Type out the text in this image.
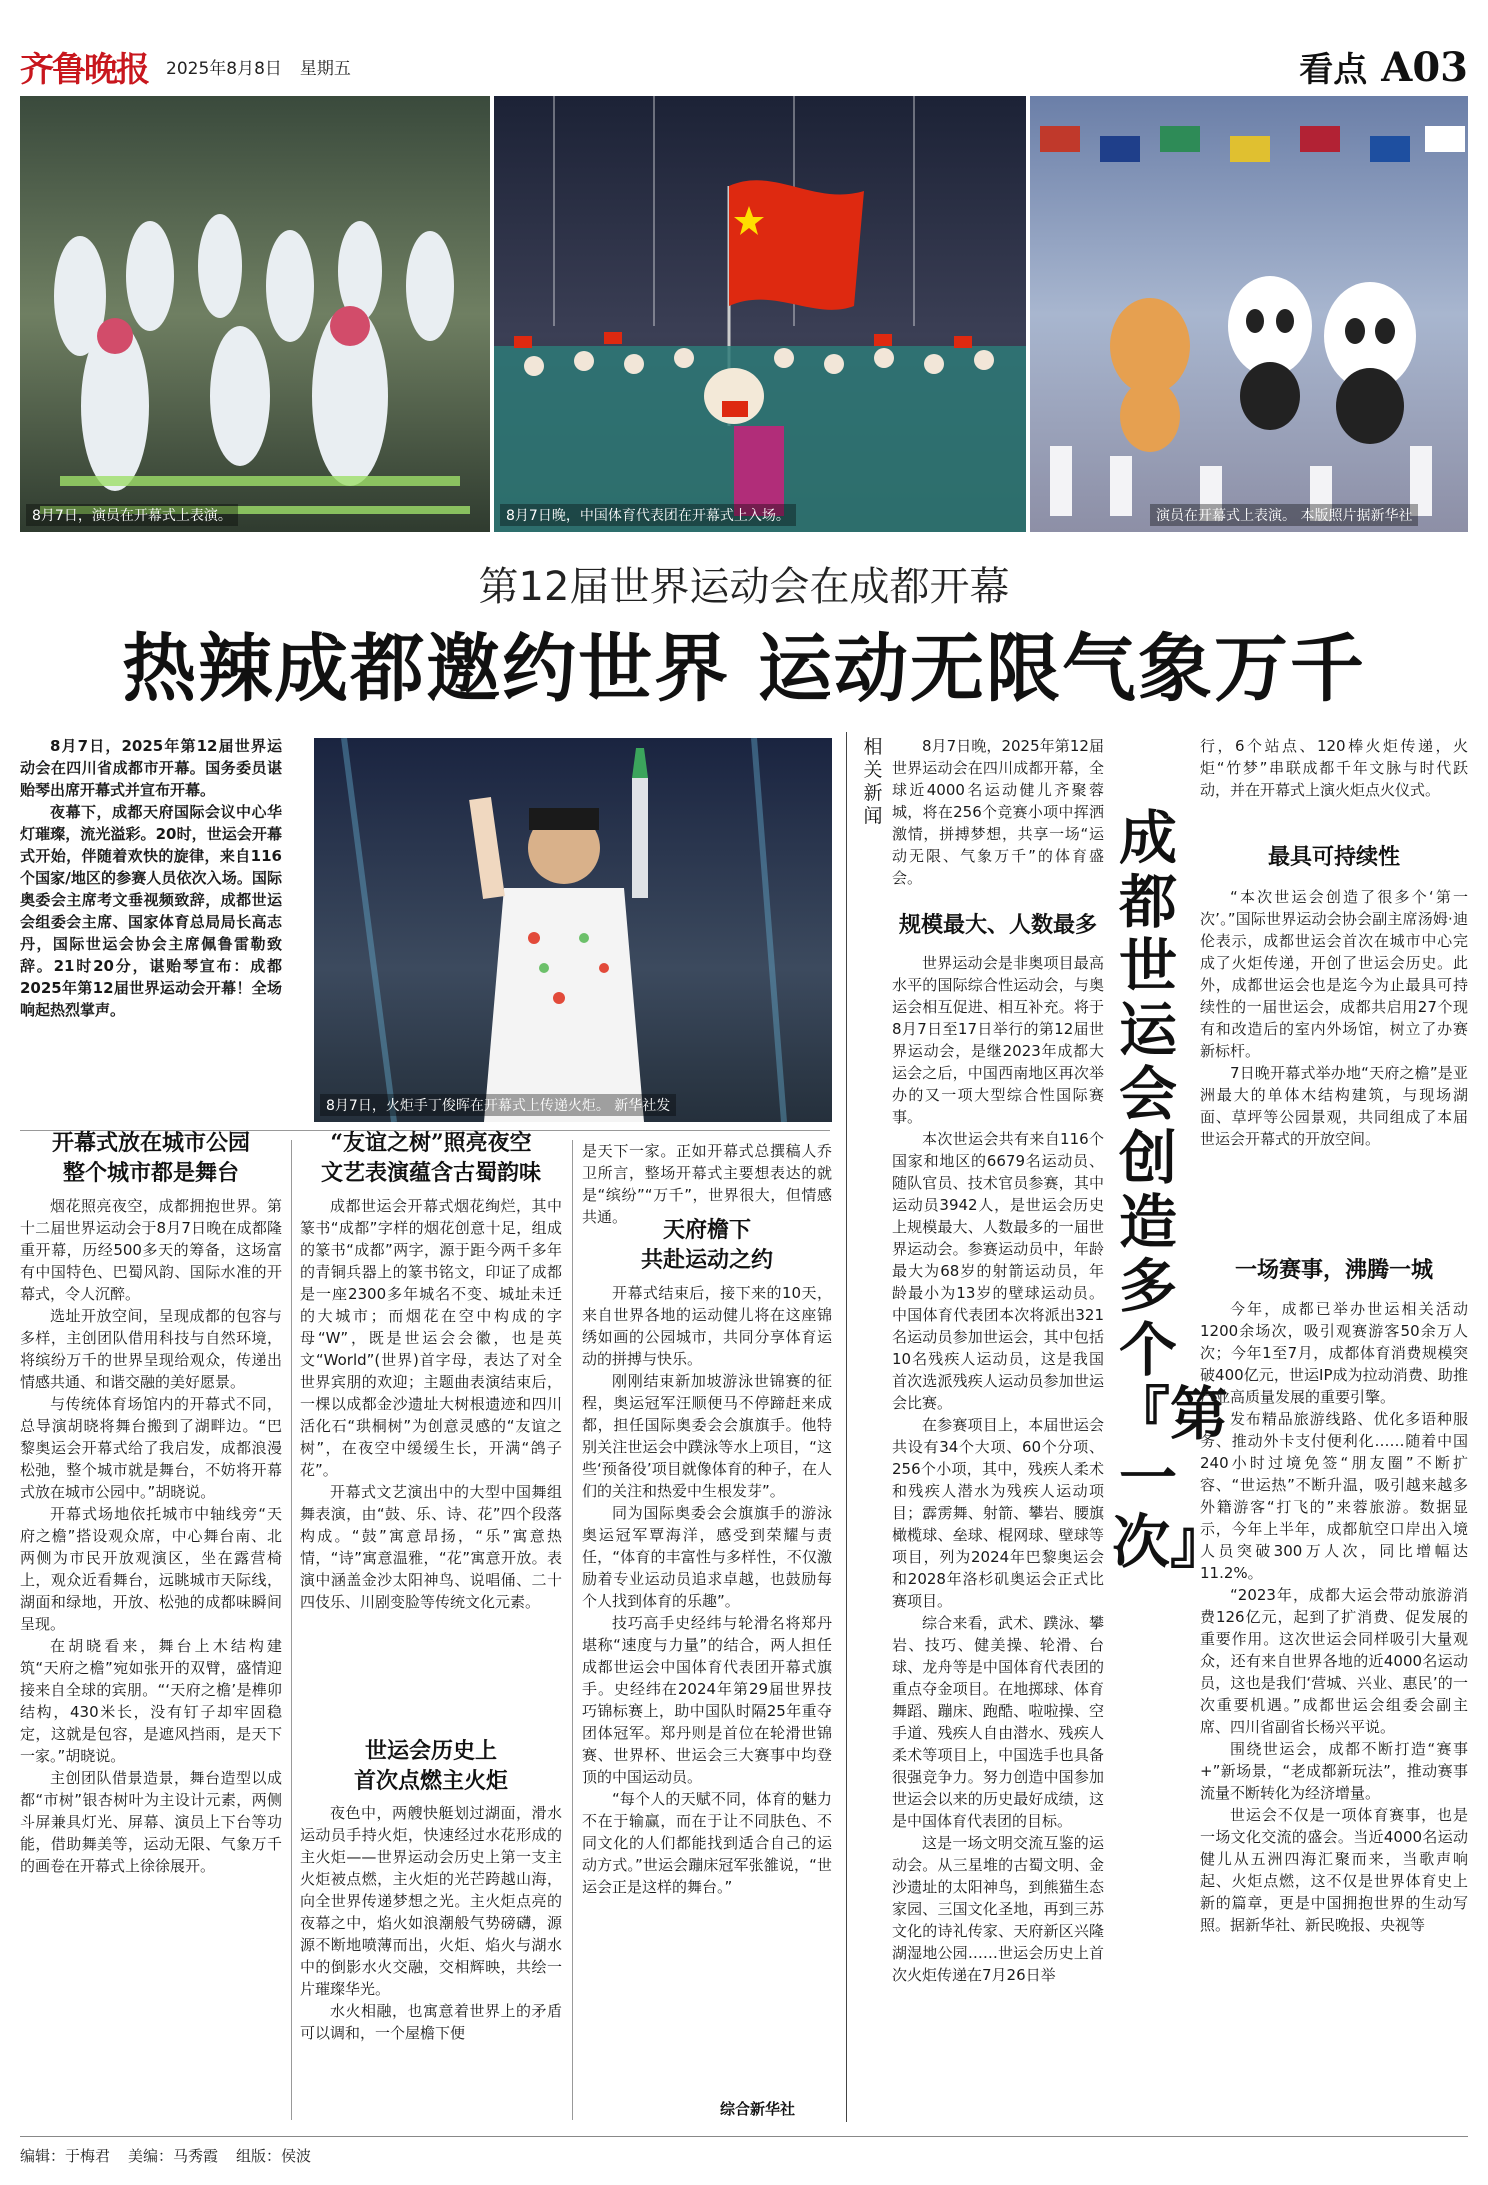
齐鲁晚报 2025年8月8日 星期五	看点 A03
8月7日，演员在开幕式上表演。	8月7日晚，中国体育代表团在开幕式上入场。	演员在开幕式上表演。 本版照片据新华社
第12届世界运动会在成都开幕
热辣成都邀约世界 运动无限气象万千

8月7日，2025年第12届世界运动会在四川省成都市开幕。国务委员谌贻琴出席开幕式并宣布开幕。

夜幕下，成都天府国际会议中心华灯璀璨，流光溢彩。20时，世运会开幕式开始，伴随着欢快的旋律，来自116个国家/地区的参赛人员依次入场。国际奥委会主席考文垂视频致辞，成都世运会组委会主席、国家体育总局局长高志丹，国际世运会协会主席佩鲁雷勒致辞。21时20分，谌贻琴宣布：成都2025年第12届世界运动会开幕！全场响起热烈掌声。

8月7日，火炬手丁俊晖在开幕式上传递火炬。 新华社发
开幕式放在城市公园
整个城市都是舞台

烟花照亮夜空，成都拥抱世界。第十二届世界运动会于8月7日晚在成都隆重开幕，历经500多天的筹备，这场富有中国特色、巴蜀风韵、国际水准的开幕式，令人沉醉。

选址开放空间，呈现成都的包容与多样，主创团队借用科技与自然环境，将缤纷万千的世界呈现给观众，传递出情感共通、和谐交融的美好愿景。

与传统体育场馆内的开幕式不同，总导演胡晓将舞台搬到了湖畔边。“巴黎奥运会开幕式给了我启发，成都浪漫松弛，整个城市就是舞台，不妨将开幕式放在城市公园中。”胡晓说。

开幕式场地依托城市中轴线旁“天府之檐”搭设观众席，中心舞台南、北两侧为市民开放观演区，坐在露营椅上，观众近看舞台，远眺城市天际线，湖面和绿地，开放、松弛的成都味瞬间呈现。

在胡晓看来，舞台上木结构建筑“天府之檐”宛如张开的双臂，盛情迎接来自全球的宾朋。“‘天府之檐’是榫卯结构，430米长，没有钉子却牢固稳定，这就是包容，是遮风挡雨，是天下一家。”胡晓说。

主创团队借景造景，舞台造型以成都“市树”银杏树叶为主设计元素，两侧斗屏兼具灯光、屏幕、演员上下台等功能，借助舞美等，运动无限、气象万千的画卷在开幕式上徐徐展开。

“友谊之树”照亮夜空
文艺表演蕴含古蜀韵味

成都世运会开幕式烟花绚烂，其中篆书“成都”字样的烟花创意十足，组成的篆书“成都”两字，源于距今两千多年的青铜兵器上的篆书铭文，印证了成都是一座2300多年城名不变、城址未迁的大城市；而烟花在空中构成的字母“W”，既是世运会会徽，也是英文“World”(世界)首字母，表达了对全世界宾朋的欢迎；主题曲表演结束后，一棵以成都金沙遗址大树根遗迹和四川活化石“珙桐树”为创意灵感的“友谊之树”，在夜空中缓缓生长，开满“鸽子花”。

开幕式文艺演出中的大型中国舞组舞表演，由“鼓、乐、诗、花”四个段落构成。“鼓”寓意昂扬，“乐”寓意热情，“诗”寓意温雅，“花”寓意开放。表演中涵盖金沙太阳神鸟、说唱俑、二十四伎乐、川剧变脸等传统文化元素。

世运会历史上
首次点燃主火炬

夜色中，两艘快艇划过湖面，滑水运动员手持火炬，快速经过水花形成的主火炬——世界运动会历史上第一支主火炬被点燃，主火炬的光芒跨越山海，向全世界传递梦想之光。主火炬点亮的夜幕之中，焰火如浪潮般气势磅礴，源源不断地喷薄而出，火炬、焰火与湖水中的倒影水火交融，交相辉映，共绘一片璀璨华光。

水火相融，也寓意着世界上的矛盾可以调和，一个屋檐下便

是天下一家。正如开幕式总撰稿人乔卫所言，整场开幕式主要想表达的就是“缤纷”“万千”，世界很大，但情感共通。	天府檐下
共赴运动之约

开幕式结束后，接下来的10天，来自世界各地的运动健儿将在这座锦绣如画的公园城市，共同分享体育运动的拼搏与快乐。

刚刚结束新加坡游泳世锦赛的征程，奥运冠军汪顺便马不停蹄赶来成都，担任国际奥委会会旗旗手。他特别关注世运会中蹼泳等水上项目，“这些‘预备役’项目就像体育的种子，在人们的关注和热爱中生根发芽”。

同为国际奥委会会旗旗手的游泳奥运冠军覃海洋，感受到荣耀与责任，“体育的丰富性与多样性，不仅激励着专业运动员追求卓越，也鼓励每个人找到体育的乐趣”。

技巧高手史经纬与轮滑名将郑丹堪称“速度与力量”的结合，两人担任成都世运会中国体育代表团开幕式旗手。史经纬在2024年第29届世界技巧锦标赛上，助中国队时隔25年重夺团体冠军。郑丹则是首位在轮滑世锦赛、世界杯、世运会三大赛事中均登顶的中国运动员。

“每个人的天赋不同，体育的魅力不在于输赢，而在于让不同肤色、不同文化的人们都能找到适合自己的运动方式。”世运会蹦床冠军张雒说，“世运会正是这样的舞台。”

综合新华社
相关新闻

8月7日晚，2025年第12届世界运动会在四川成都开幕，全球近4000名运动健儿齐聚蓉城，将在256个竞赛小项中挥洒激情，拼搏梦想，共享一场“运动无限、气象万千”的体育盛会。

规模最大、人数最多

世界运动会是非奥项目最高水平的国际综合性运动会，与奥运会相互促进、相互补充。将于8月7日至17日举行的第12届世界运动会，是继2023年成都大运会之后，中国西南地区再次举办的又一项大型综合性国际赛事。

本次世运会共有来自116个国家和地区的6679名运动员、随队官员、技术官员参赛，其中运动员3942人，是世运会历史上规模最大、人数最多的一届世界运动会。参赛运动员中，年龄最大为68岁的射箭运动员，年龄最小为13岁的壁球运动员。中国体育代表团本次将派出321名运动员参加世运会，其中包括10名残疾人运动员，这是我国首次选派残疾人运动员参加世运会比赛。

在参赛项目上，本届世运会共设有34个大项、60个分项、256个小项，其中，残疾人柔术和残疾人潜水为残疾人运动项目；霹雳舞、射箭、攀岩、腰旗橄榄球、垒球、棍网球、壁球等项目，列为2024年巴黎奥运会和2028年洛杉矶奥运会正式比赛项目。

综合来看，武术、蹼泳、攀岩、技巧、健美操、轮滑、台球、龙舟等是中国体育代表团的重点夺金项目。在地掷球、体育舞蹈、蹦床、跑酷、啦啦操、空手道、残疾人自由潜水、残疾人柔术等项目上，中国选手也具备很强竞争力。努力创造中国参加世运会以来的历史最好成绩，这是中国体育代表团的目标。

这是一场文明交流互鉴的运动会。从三星堆的古蜀文明、金沙遗址的太阳神鸟，到熊猫生态家园、三国文化圣地，再到三苏文化的诗礼传家、天府新区兴隆湖湿地公园……世运会历史上首次火炬传递在7月26日举

成都世运会创造多个『第一次』

行，6个站点、120棒火炬传递，火炬“竹梦”串联成都千年文脉与时代跃动，并在开幕式上演火炬点火仪式。

最具可持续性

“本次世运会创造了很多个‘第一次’。”国际世界运动会协会副主席汤姆·迪伦表示，成都世运会首次在城市中心完成了火炬传递，开创了世运会历史。此外，成都世运会也是迄今为止最具可持续性的一届世运会，成都共启用27个现有和改造后的室内外场馆，树立了办赛新标杆。

7日晚开幕式举办地“天府之檐”是亚洲最大的单体木结构建筑，与现场湖面、草坪等公园景观，共同组成了本届世运会开幕式的开放空间。

一场赛事，沸腾一城

今年，成都已举办世运相关活动1200余场次，吸引观赛游客50余万人次；今年1至7月，成都体育消费规模突破400亿元，世运IP成为拉动消费、助推产业高质量发展的重要引擎。

发布精品旅游线路、优化多语种服务、推动外卡支付便利化……随着中国240小时过境免签“朋友圈”不断扩容、“世运热”不断升温，吸引越来越多外籍游客“打飞的”来蓉旅游。数据显示，今年上半年，成都航空口岸出入境人员突破300万人次，同比增幅达11.2%。

“2023年，成都大运会带动旅游消费126亿元，起到了扩消费、促发展的重要作用。这次世运会同样吸引大量观众，还有来自世界各地的近4000名运动员，这也是我们‘营城、兴业、惠民’的一次重要机遇。”成都世运会组委会副主席、四川省副省长杨兴平说。

围绕世运会，成都不断打造“赛事+”新场景，“老成都新玩法”，推动赛事流量不断转化为经济增量。

世运会不仅是一项体育赛事，也是一场文化交流的盛会。当近4000名运动健儿从五洲四海汇聚而来，当歌声响起、火炬点燃，这不仅是世界体育史上新的篇章，更是中国拥抱世界的生动写照。据新华社、新民晚报、央视等

编辑：于梅君 美编：马秀霞 组版：侯波
